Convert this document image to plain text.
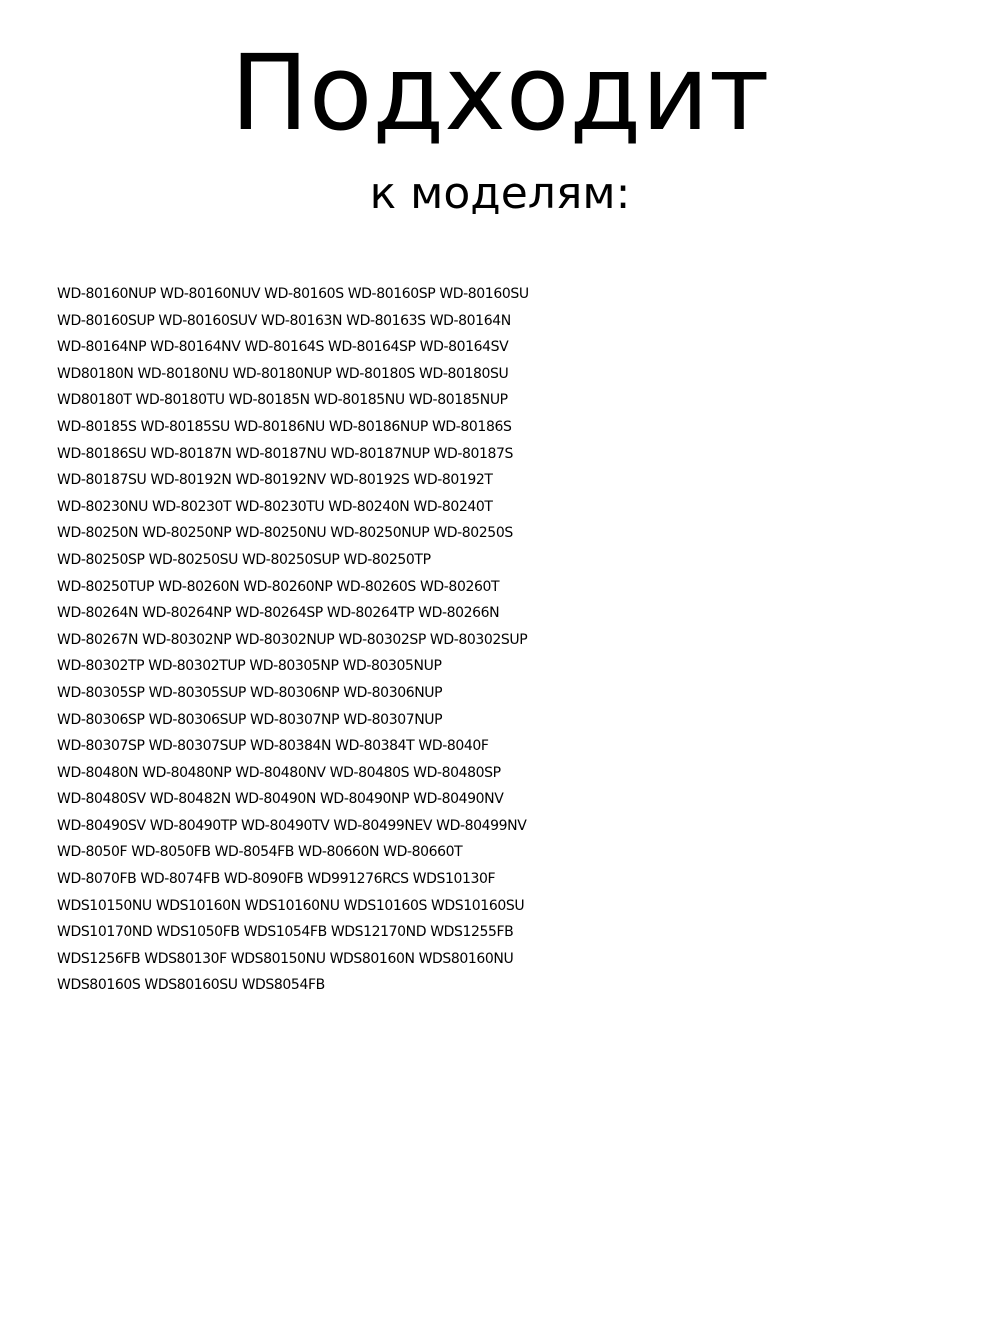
Подходит
к моделям:
WD-80160NUP WD-80160NUV WD-80160S WD-80160SP WD-80160SU
WD-80160SUP WD-80160SUV WD-80163N WD-80163S WD-80164N
WD-80164NP WD-80164NV WD-80164S WD-80164SP WD-80164SV
WD80180N WD-80180NU WD-80180NUP WD-80180S WD-80180SU
WD80180T WD-80180TU WD-80185N WD-80185NU WD-80185NUP
WD-80185S WD-80185SU WD-80186NU WD-80186NUP WD-80186S
WD-80186SU WD-80187N WD-80187NU WD-80187NUP WD-80187S
WD-80187SU WD-80192N WD-80192NV WD-80192S WD-80192T
WD-80230NU WD-80230T WD-80230TU WD-80240N WD-80240T
WD-80250N WD-80250NP WD-80250NU WD-80250NUP WD-80250S
WD-80250SP WD-80250SU WD-80250SUP WD-80250TP
WD-80250TUP WD-80260N WD-80260NP WD-80260S WD-80260T
WD-80264N WD-80264NP WD-80264SP WD-80264TP WD-80266N
WD-80267N WD-80302NP WD-80302NUP WD-80302SP WD-80302SUP
WD-80302TP WD-80302TUP WD-80305NP WD-80305NUP
WD-80305SP WD-80305SUP WD-80306NP WD-80306NUP
WD-80306SP WD-80306SUP WD-80307NP WD-80307NUP
WD-80307SP WD-80307SUP WD-80384N WD-80384T WD-8040F
WD-80480N WD-80480NP WD-80480NV WD-80480S WD-80480SP
WD-80480SV WD-80482N WD-80490N WD-80490NP WD-80490NV
WD-80490SV WD-80490TP WD-80490TV WD-80499NEV WD-80499NV
WD-8050F WD-8050FB WD-8054FB WD-80660N WD-80660T
WD-8070FB WD-8074FB WD-8090FB WD991276RCS WDS10130F
WDS10150NU WDS10160N WDS10160NU WDS10160S WDS10160SU
WDS10170ND WDS1050FB WDS1054FB WDS12170ND WDS1255FB
WDS1256FB WDS80130F WDS80150NU WDS80160N WDS80160NU
WDS80160S WDS80160SU WDS8054FB
